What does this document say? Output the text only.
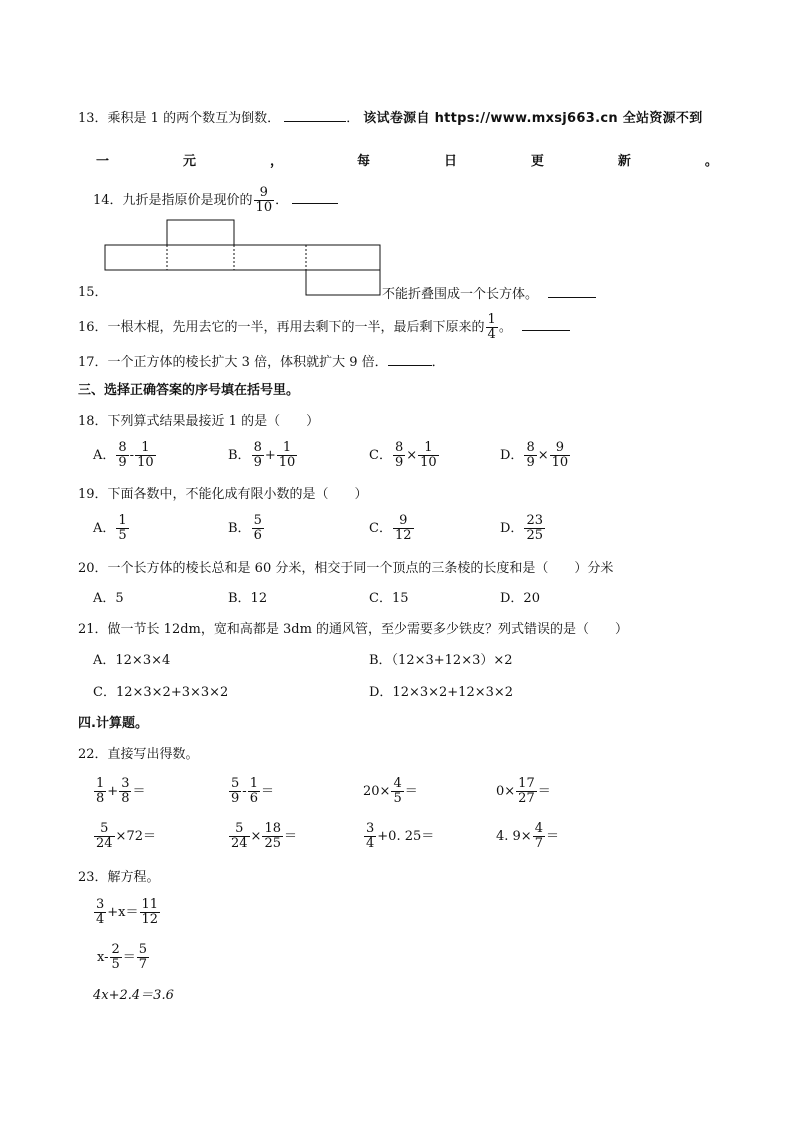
13．乘积是 1 的两个数互为倒数．	． 该试卷源自 https://www.mxsj663.cn 全站资源不到
一	元	，	每	日	更	新	。
14．九折是指原价是现价的 $\frac{9}{10}$ ．
15．	不能折叠围成一个长方体。
16．一根木棍，先用去它的一半，再用去剩下的一半，最后剩下原来的 $\frac{1}{4}$ 。
17．一个正方体的棱长扩大 3 倍，体积就扩大 9 倍．	．
三、选择正确答案的序号填在括号里。
18．下列算式结果最接近 1 的是（　　）
A． $\frac{8}{9} - \frac{1}{10}$	B． $\frac{8}{9} + \frac{1}{10}$	C． $\frac{8}{9} \times \frac{1}{10}$	D． $\frac{8}{9} \times \frac{9}{10}$
19．下面各数中，不能化成有限小数的是（　　）
A． $\frac{1}{5}$	B． $\frac{5}{6}$	C． $\frac{9}{12}$	D． $\frac{23}{25}$
20．一个长方体的棱长总和是 60 分米，相交于同一个顶点的三条棱的长度和是（　　）分米
A．5	B．12	C．15	D．20
21．做一节长 12dm，宽和高都是 3dm 的通风管，至少需要多少铁皮？列式错误的是（　　）
A．12×3×4	B．（12×3+12×3）×2
C．12×3×2+3×3×2	D．12×3×2+12×3×2
四.计算题。
22．直接写出得数。
$\frac{1}{8} + \frac{3}{8}$ ＝	$\frac{5}{9} - \frac{1}{6}$ ＝	$20\times \frac{4}{5}$ ＝	$0\times \frac{17}{27}$ ＝
$\frac{5}{24} \times 72=$	$\frac{5}{24} \times \frac{18}{25}$ ＝	$\frac{3}{4} +0$. 25＝	4. $9\times \frac{4}{7}$ ＝
23．解方程。
$\frac{3}{4} +x= \frac{11}{12}$
$x- \frac{2}{5} = \frac{5}{7}$
4x+2.4＝3.6
